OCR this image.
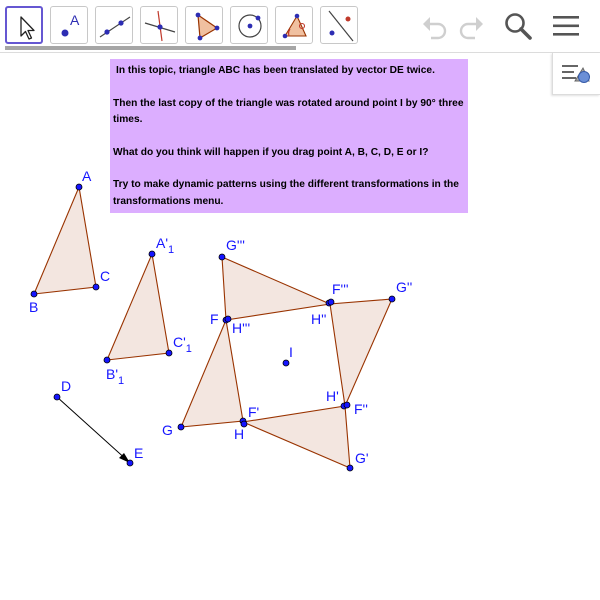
A
A
B
C
$A'_1$
$B'_1$
$C'_1$
D
E
I
F
G	H
F'
G'
H'
F''
G''
H''
F'''
G'''
H'''

In this topic, triangle ABC has been translated by vector DE twice.

Then the last copy of the triangle was rotated around point I by 90° three times.

What do you think will happen if you drag point A, B, C, D, E or I?

Try to make dynamic patterns using the different transformations in the transformations menu.
